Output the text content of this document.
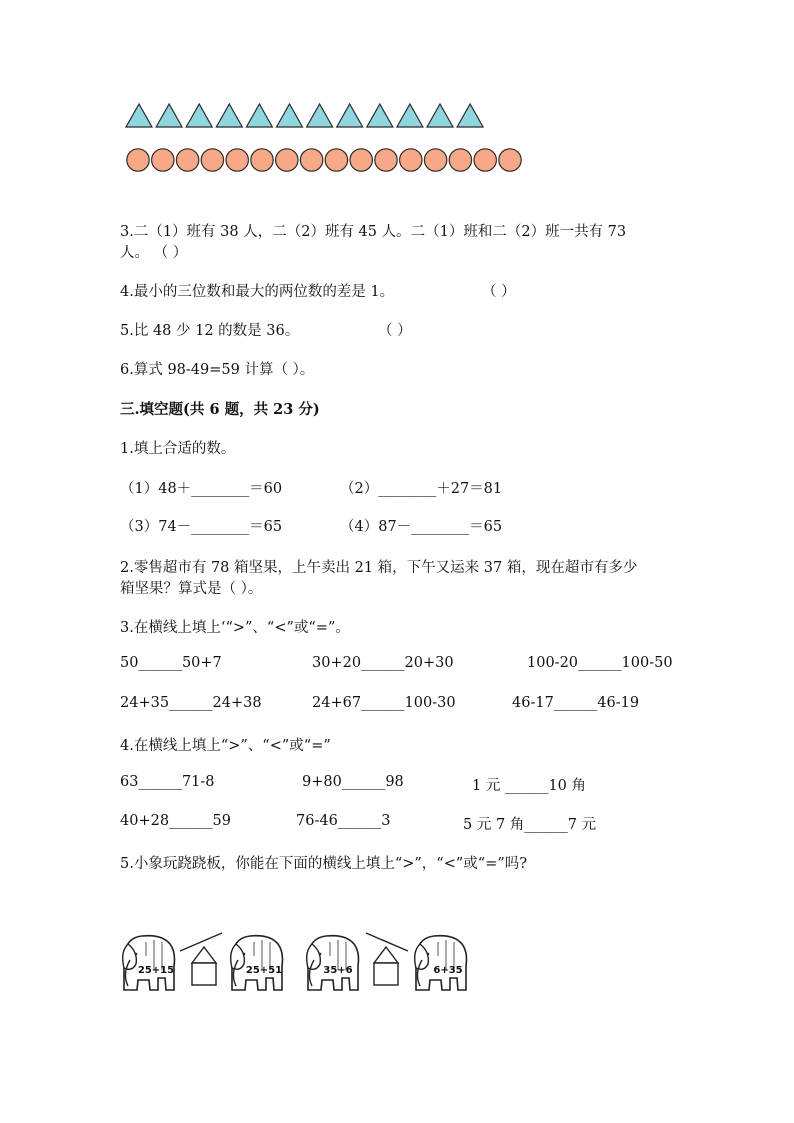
3.二（1）班有 38 人，二（2）班有 45 人。二（1）班和二（2）班一共有 73
人。 （ ）
4.最小的三位数和最大的两位数的差是 1。	（ ）
5.比 48 少 12 的数是 36。	（ ）
6.算式 98-49=59 计算（ ）。
三.填空题(共 6 题，共 23 分)
1.填上合适的数。
（1）48＋________＝60	（2）________＋27＝81
（3）74－________＝65	（4）87－________＝65
2.零售超市有 78 箱坚果，上午卖出 21 箱，下午又运来 37 箱，现在超市有多少
箱坚果？算式是（ ）。
3.在横线上填上‘“>”、“<”或“=”。
50______50+7	30+20______20+30	100-20______100-50
24+35______24+38	24+67______100-30	46-17______46-19
4.在横线上填上“>”、“<”或“=”
63______71-8	9+80______98	1 元 ______10 角
40+28______59	76-46______3	5 元 7 角______7 元
5.小象玩跷跷板，你能在下面的横线上填上“>”，“<”或“=”吗?
25+15	25+51	35+6	6+35
